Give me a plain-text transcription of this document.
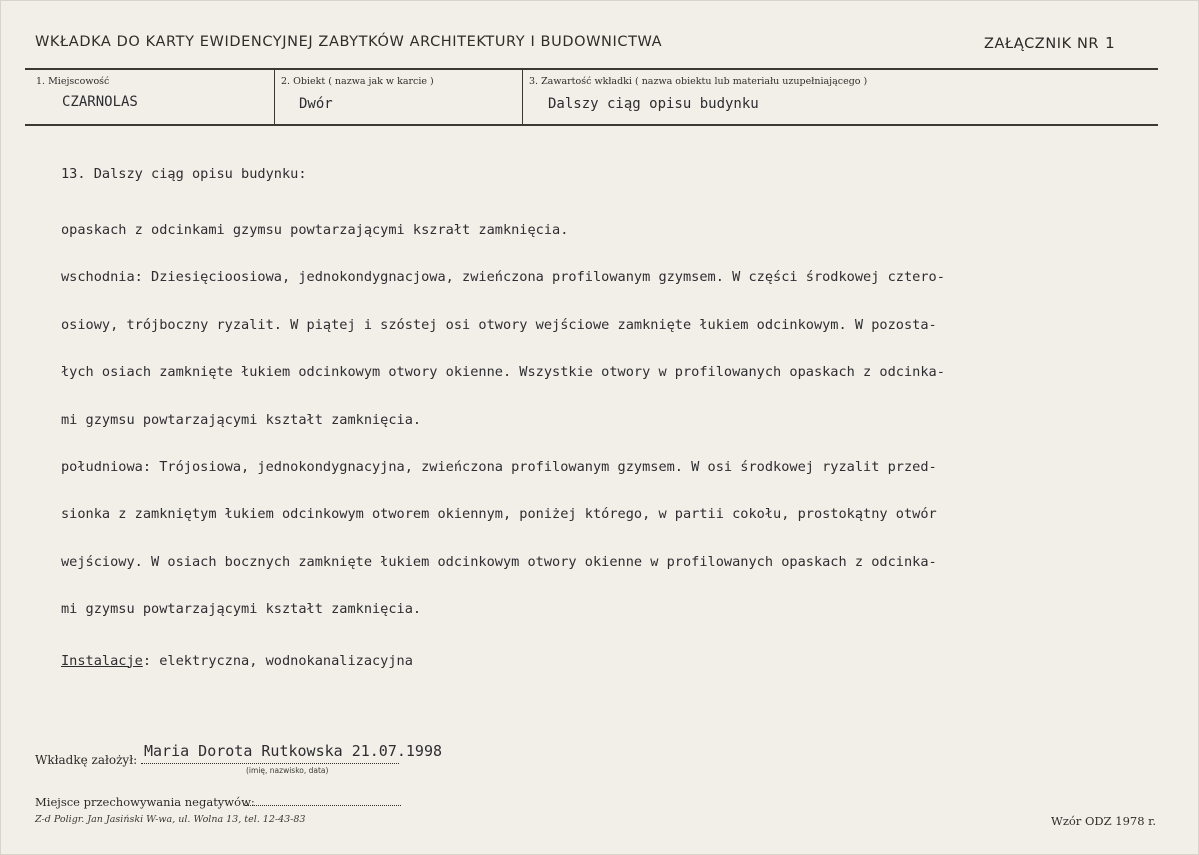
WKŁADKA DO KARTY EWIDENCYJNEJ ZABYTKÓW ARCHITEKTURY I BUDOWNICTWA	ZAŁĄCZNIK NR 1
1. Miejscowość
CZARNOLAS
2. Obiekt ( nazwa jak w karcie )
Dwór
3. Zawartość wkładki ( nazwa obiektu lub materiału uzupełniającego )
Dalszy ciąg opisu budynku

13. Dalszy ciąg opisu budynku:

opaskach z odcinkami gzymsu powtarzającymi kszrałt zamknięcia.

wschodnia: Dziesięcioosiowa, jednokondygnacjowa, zwieńczona profilowanym gzymsem. W części środkowej cztero-

osiowy, trójboczny ryzalit. W piątej i szóstej osi otwory wejściowe zamknięte łukiem odcinkowym. W pozosta-

łych osiach zamknięte łukiem odcinkowym otwory okienne. Wszystkie otwory w profilowanych opaskach z odcinka-

mi gzymsu powtarzającymi kształt zamknięcia.

południowa: Trójosiowa, jednokondygnacyjna, zwieńczona profilowanym gzymsem. W osi środkowej ryzalit przed-

sionka z zamkniętym łukiem odcinkowym otworem okiennym, poniżej którego, w partii cokołu, prostokątny otwór

wejściowy. W osiach bocznych zamknięte łukiem odcinkowym otwory okienne w profilowanych opaskach z odcinka-

mi gzymsu powtarzającymi kształt zamknięcia.

Instalacje: elektryczna, wodnokanalizacyjna

Wkładkę założył: Maria Dorota Rutkowska 21.07.1998
(imię, nazwisko, data)
Miejsce przechowywania negatywów:
Z-d Poligr. Jan Jasiński W-wa, ul. Wolna 13, tel. 12-43-83	Wzór ODZ 1978 r.
